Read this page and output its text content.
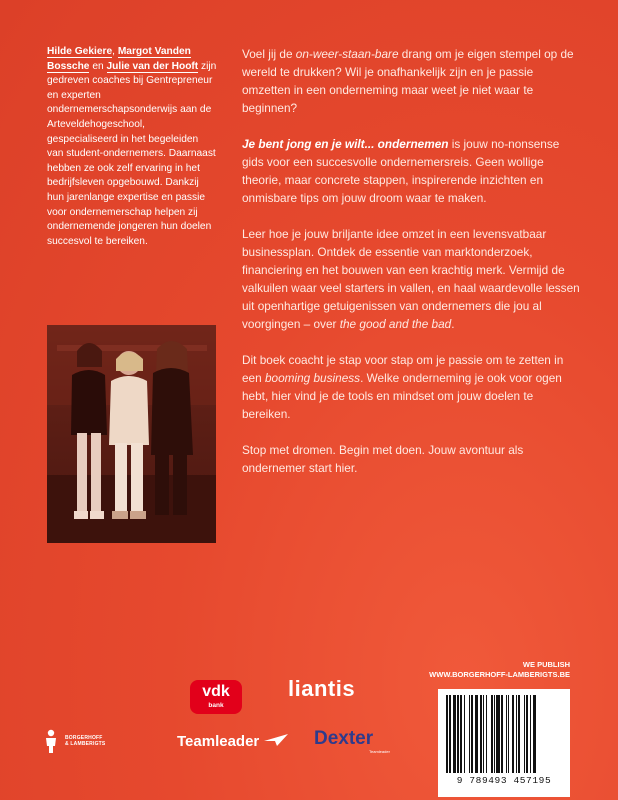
Hilde Gekiere, Margot Vanden Bossche en Julie van der Hooft zijn gedreven coaches bij Gentrepreneur en experten ondernemerschapsonderwijs aan de Arteveldehogeschool, gespecialiseerd in het begeleiden van student-ondernemers. Daarnaast hebben ze ook zelf ervaring in het bedrijfsleven opgebouwd. Dankzij hun jarenlange expertise en passie voor ondernemerschap helpen zij ondernemende jongeren hun doelen succesvol te bereiken.

Voel jij de on-weer-staan-bare drang om je eigen stempel op de wereld te drukken? Wil je onafhankelijk zijn en je passie omzetten in een onderneming maar weet je niet waar te beginnen?

Je bent jong en je wilt... ondernemen is jouw no-nonsense gids voor een succesvolle ondernemersreis. Geen wollige theorie, maar concrete stappen, inspirerende inzichten en onmisbare tips om jouw droom waar te maken.

Leer hoe je jouw briljante idee omzet in een levensvatbaar businessplan. Ontdek de essentie van marktonderzoek, financiering en het bouwen van een krachtig merk. Vermijd de valkuilen waar veel starters in vallen, en haal waardevolle lessen uit openhartige getuigenissen van ondernemers die jou al voorgingen – over the good and the bad.

Dit boek coacht je stap voor stap om je passie om te zetten in een booming business. Welke onderneming je ook voor ogen hebt, hier vind je de tools en mindset om jouw doelen te bereiken.

Stop met dromen. Begin met doen. Jouw avontuur als ondernemer start hier.

WE PUBLISH
WWW.BORGERHOFF-LAMBERIGTS.BE
BORGERHOFF
& LAMBERIGTS
vdk
bank
liantis
Teamleader	Dexter
Teamleader
9 789493 457195
